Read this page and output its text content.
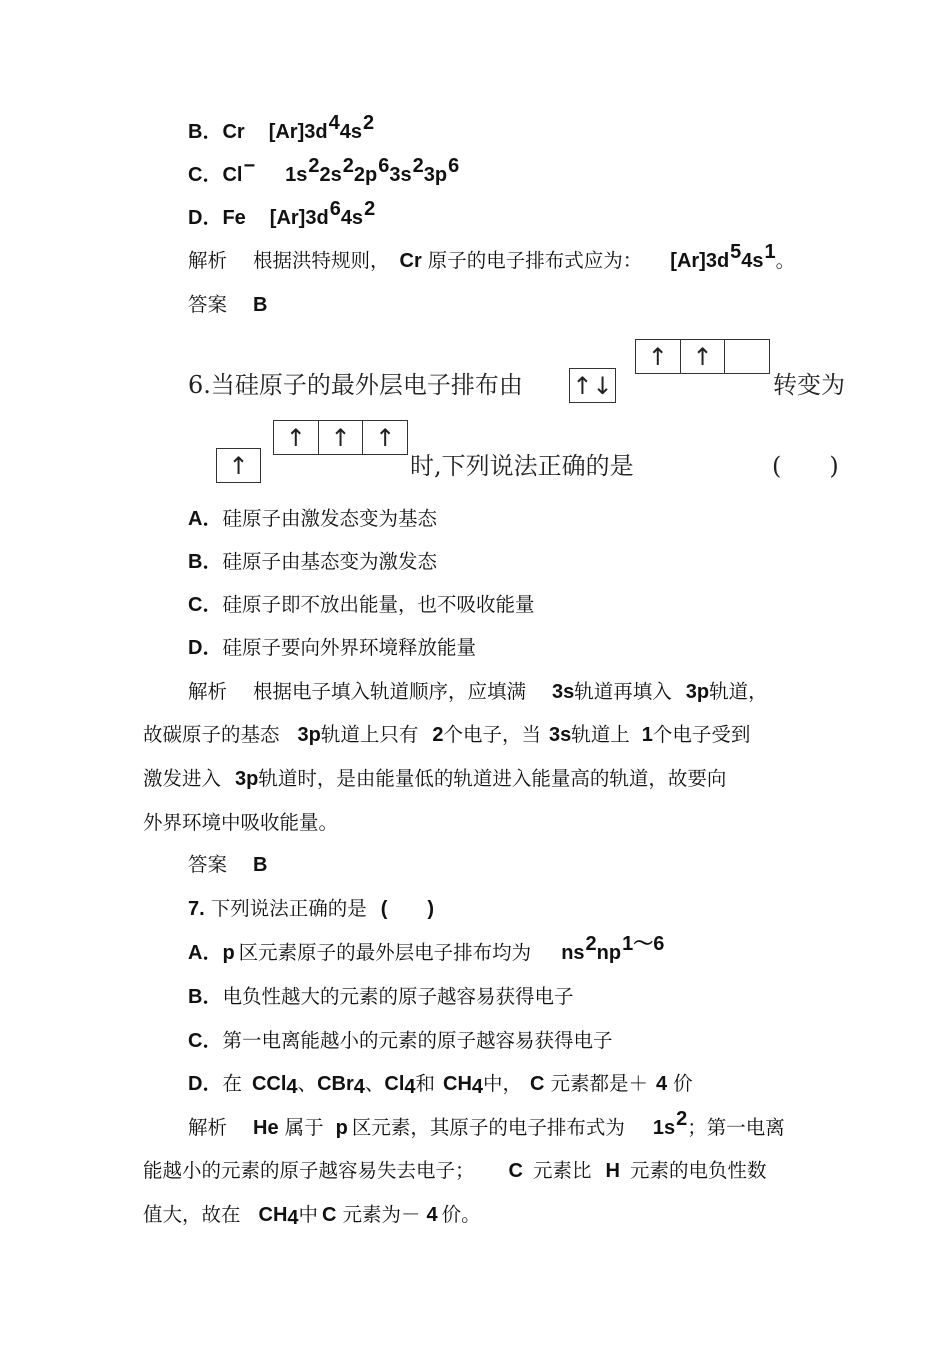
B．Cr $[Ar]3d^44s^2$
C．Cl− $1s^22s^22p^63s^23p^6$
D．Fe $[Ar]3d^64s^2$
解析 根据洪特规则， Cr 原子的电子排布式应为： $[Ar]3d^54s^1$。
答案 B
6.当硅原子的最外层电子排布由 ↑↓
↑	↑
转变为
↑
↑	↑	↑
时,下列说法正确的是	(　　)
A．硅原子由激发态变为基态
B．硅原子由基态变为激发态
C．硅原子即不放出能量，也不吸收能量
D．硅原子要向外界环境释放能量
解析 根据电子填入轨道顺序，应填满 3s轨道再填入 3p轨道，
故碳原子的基态 3p轨道上只有 2个电子，当 3s轨道上 1个电子受到
激发进入 3p轨道时，是由能量低的轨道进入能量高的轨道，故要向
外界环境中吸收能量。
答案 B
7. 下列说法正确的是 (　　)
A．p 区元素原子的最外层电子排布均为 $ns^2np^{1\sim 6}$
B．电负性越大的元素的原子越容易获得电子
C．第一电离能越小的元素的原子越容易获得电子
D．在 CCl$_4$、CBr$_4$、$Cl_4$和 $CH_4$中， C 元素都是＋ 4 价
解析 He 属于 p 区元素，其原子的电子排布式为 $1s^2$；第一电离
能越小的元素的原子越容易失去电子； C 元素比 H 元素的电负性数
值大，故在 $CH_4$中 C 元素为－ 4 价。
